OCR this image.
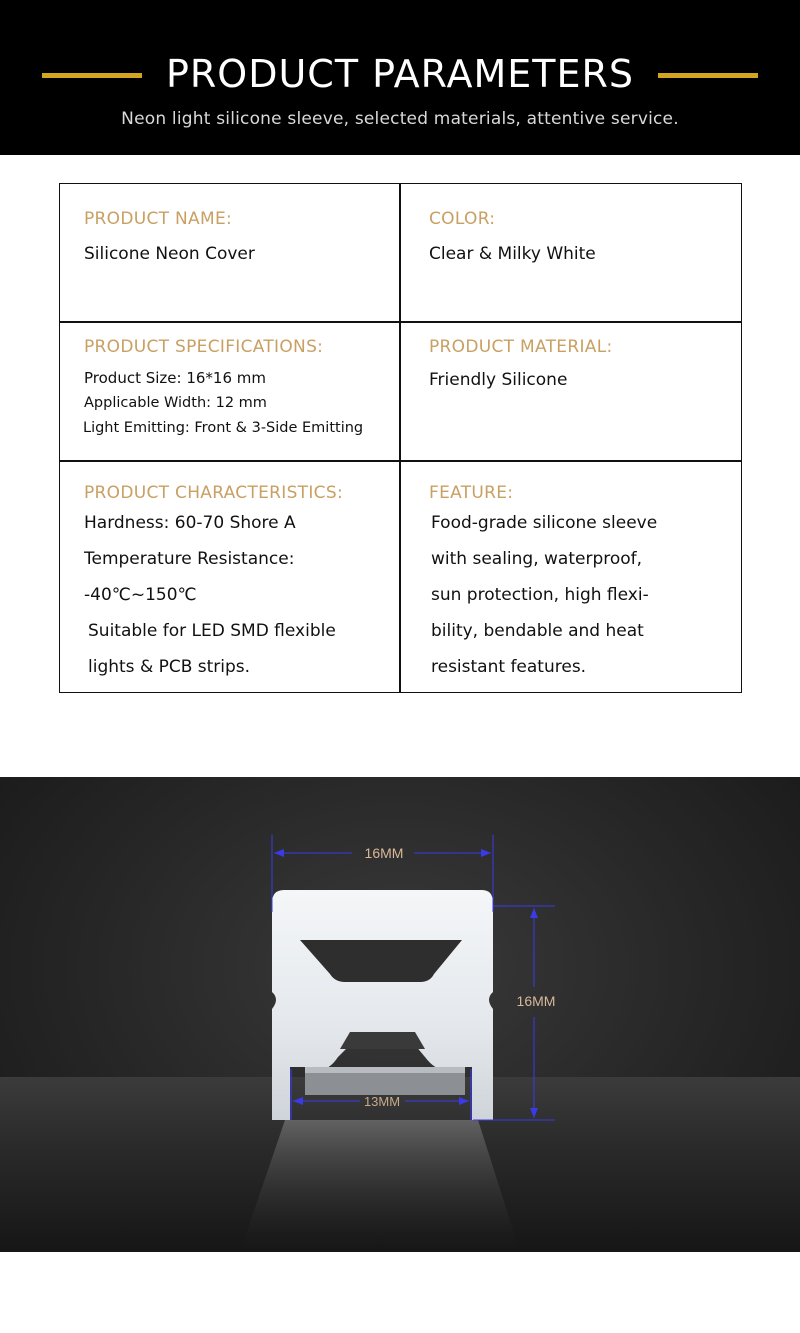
PRODUCT PARAMETERS
Neon light silicone sleeve, selected materials, attentive service.
PRODUCT NAME:
Silicone Neon Cover
COLOR:
Clear & Milky White
PRODUCT SPECIFICATIONS:
Product Size: 16*16 mm
Applicable Width: 12 mm
Light Emitting: Front & 3-Side Emitting
PRODUCT MATERIAL:
Friendly Silicone
PRODUCT CHARACTERISTICS:
Hardness: 60-70 Shore A
Temperature Resistance:
-40℃~150℃
Suitable for LED SMD flexible
lights & PCB strips.
FEATURE:
Food-grade silicone sleeve
with sealing, waterproof,
sun protection, high flexi-
bility, bendable and heat
resistant features.
16MM
16MM
13MM
